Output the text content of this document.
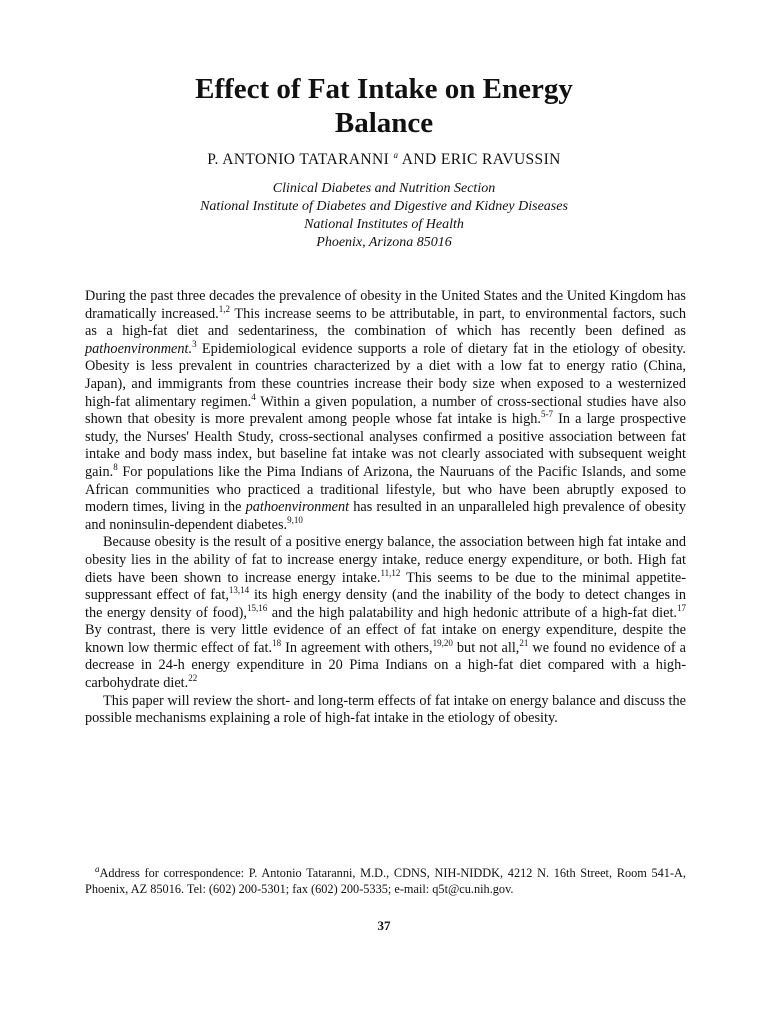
Effect of Fat Intake on Energy
Balance

P. ANTONIO TATARANNI $^a$ AND ERIC RAVUSSIN

Clinical Diabetes and Nutrition Section
National Institute of Diabetes and Digestive and Kidney Diseases
National Institutes of Health
Phoenix, Arizona 85016

During the past three decades the prevalence of obesity in the United States and the United Kingdom has dramatically increased.$^{1,2}$ This increase seems to be attributable, in part, to environmental factors, such as a high-fat diet and sedentariness, the combination of which has recently been defined as pathoenvironment.$^3$ Epidemiological evidence supports a role of dietary fat in the etiology of obesity. Obesity is less prevalent in countries characterized by a diet with a low fat to energy ratio (China, Japan), and immigrants from these countries increase their body size when exposed to a westernized high-fat alimentary regimen.$^4$ Within a given population, a number of cross-sectional studies have also shown that obesity is more prevalent among people whose fat intake is high.$^{5-7}$ In a large prospective study, the Nurses' Health Study, cross-sectional analyses confirmed a positive association between fat intake and body mass index, but baseline fat intake was not clearly associated with subsequent weight gain.$^8$ For populations like the Pima Indians of Arizona, the Nauruans of the Pacific Islands, and some African communities who practiced a traditional lifestyle, but who have been abruptly exposed to modern times, living in the pathoenvironment has resulted in an unparalleled high prevalence of obesity and noninsulin-dependent diabetes.$^{9,10}$

Because obesity is the result of a positive energy balance, the association between high fat intake and obesity lies in the ability of fat to increase energy intake, reduce energy expenditure, or both. High fat diets have been shown to increase energy intake.$^{11,12}$ This seems to be due to the minimal appetite-suppressant effect of fat,$^{13,14}$ its high energy density (and the inability of the body to detect changes in the energy density of food),$^{15,16}$ and the high palatability and high hedonic attribute of a high-fat diet.$^{17}$ By contrast, there is very little evidence of an effect of fat intake on energy expenditure, despite the known low thermic effect of fat.$^{18}$ In agreement with others,$^{19,20}$ but not all,$^{21}$ we found no evidence of a decrease in 24-h energy expenditure in 20 Pima Indians on a high-fat diet compared with a high-carbohydrate diet.$^{22}$

This paper will review the short- and long-term effects of fat intake on energy balance and discuss the possible mechanisms explaining a role of high-fat intake in the etiology of obesity.

$^a$Address for correspondence: P. Antonio Tataranni, M.D., CDNS, NIH-NIDDK, 4212 N. 16th Street, Room 541-A, Phoenix, AZ 85016. Tel: (602) 200-5301; fax (602) 200-5335; e-mail: q5t@cu.nih.gov.

37
